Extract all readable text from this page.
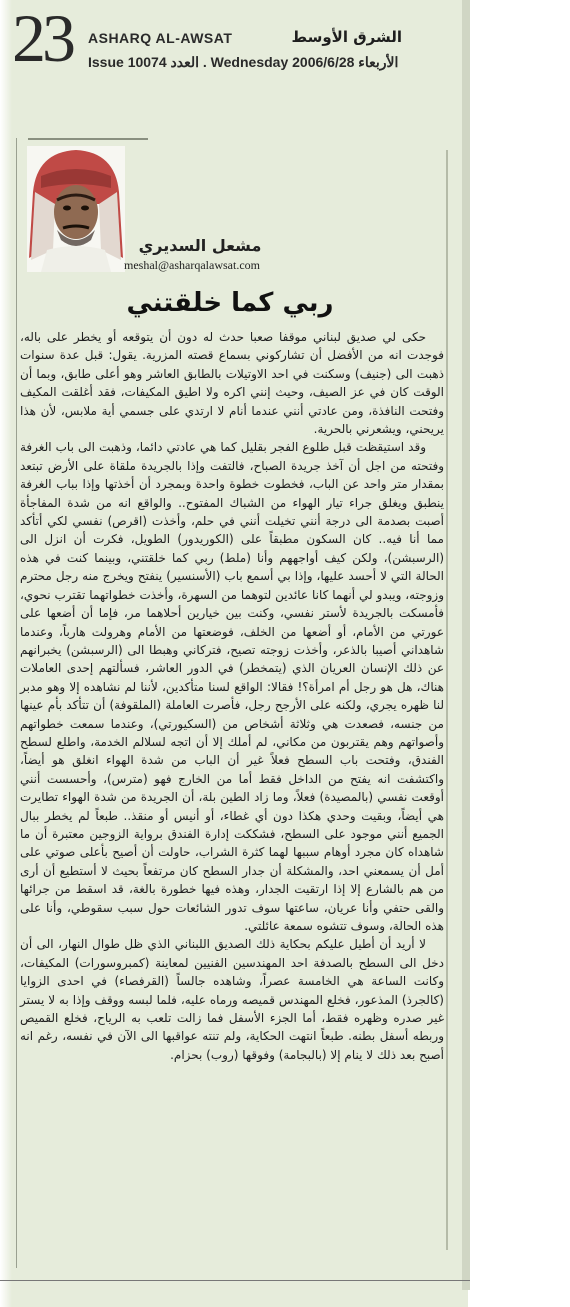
23	ASHARQ AL-AWSAT	الشرق الأوسط
Issue 10074 العدد . Wednesday 2006/6/28 الأربعاء
مشعل السديري
meshal@asharqalawsat.com
ربي كما خلقتني

حكى لي صديق لبناني موقفا صعبا حدث له دون أن يتوقعه أو يخطر على باله، فوجدت انه من الأفضل أن تشاركوني بسماع قصته المزرية. يقول: قبل عدة سنوات ذهبت الى (جنيف) وسكنت في احد الاوتيلات بالطابق العاشر وهو أعلى طابق، وبما أن الوقت كان في عز الصيف، وحيث إنني اكره ولا اطيق المكيفات، فقد أغلقت المكيف وفتحت النافذة، ومن عادتي أنني عندما أنام لا ارتدي على جسمي أية ملابس، لأن هذا يريحني، ويشعرني بالحرية.

وقد استيقظت قبل طلوع الفجر بقليل كما هي عادتي دائما، وذهبت الى باب الغرفة وفتحته من اجل أن آخذ جريدة الصباح، فالتفت وإذا بالجريدة ملقاة على الأرض تبتعد بمقدار متر واحد عن الباب، فخطوت خطوة واحدة وبمجرد أن أخذتها وإذا بباب الغرفة ينطبق ويغلق جراء تيار الهواء من الشباك المفتوح.. والواقع انه من شدة المفاجأة أصبت بصدمة الى درجة أنني تخيلت أنني في حلم، وأخذت (اقرص) نفسي لكي أتأكد مما أنا فيه.. كان السكون مطبقاً على (الكوريدور) الطويل، فكرت أن انزل الى (الرسبشن)، ولكن كيف أواجههم وأنا (ملط) ربي كما خلقتني، وبينما كنت في هذه الحالة التي لا أحسد عليها، وإذا بي أسمع باب (الأسنسير) ينفتح ويخرج منه رجل محترم وزوجته، ويبدو لي أنهما كانا عائدين لتوهما من السهرة، وأخذت خطواتهما تقترب نحوي، فأمسكت بالجريدة لأستر نفسي، وكنت بين خيارين أحلاهما مر، فإما أن أضعها على عورتي من الأمام، أو أضعها من الخلف، فوضعتها من الأمام وهرولت هارباً، وعندما شاهداني أصيبا بالذعر، وأخذت زوجته تصيح، فتركاني وهبطا الى (الرسبشن) يخبرانهم عن ذلك الإنسان العريان الذي (يتمخطر) في الدور العاشر، فسألتهم إحدى العاملات هناك، هل هو رجل أم امرأة؟! فقالا: الواقع لسنا متأكدين، لأننا لم نشاهده إلا وهو مدبر لنا ظهره يجري، ولكنه على الأرجح رجل، فأصرت العاملة (الملقوفة) أن تتأكد بأم عينها من جنسه، فصعدت هي وثلاثة أشخاص من (السكيورتي)، وعندما سمعت خطواتهم وأصواتهم وهم يقتربون من مكاني، لم أملك إلا أن اتجه لسلالم الخدمة، واطلع لسطح الفندق، وفتحت باب السطح فعلاً غير أن الباب من شدة الهواء انغلق هو أيضاً، واكتشفت انه يفتح من الداخل فقط أما من الخارج فهو (مترس)، وأحسست أنني أوقعت نفسي (بالمصيدة) فعلاً، وما زاد الطين بلة، أن الجريدة من شدة الهواء تطايرت هي أيضاً، وبقيت وحدي هكذا دون أي غطاء، أو أنيس أو منقذ.. طبعاً لم يخطر ببال الجميع أنني موجود على السطح، فشككت إدارة الفندق برواية الزوجين معتبرة أن ما شاهداه كان مجرد أوهام سببها لهما كثرة الشراب، حاولت أن أصيح بأعلى صوتي على أمل أن يسمعني احد، والمشكلة أن جدار السطح كان مرتفعاً بحيث لا أستطيع أن أرى من هم بالشارع إلا إذا ارتقيت الجدار، وهذه فيها خطورة بالغة، قد اسقط من جرائها والقى حتفي وأنا عريان، ساعتها سوف تدور الشائعات حول سبب سقوطي، وأنا على هذه الحالة، وسوف تتشوه سمعة عائلتي.

لا أريد أن أطيل عليكم بحكاية ذلك الصديق اللبناني الذي ظل طوال النهار، الى أن دخل الى السطح بالصدفة احد المهندسين الفنيين لمعاينة (كمبروسورات) المكيفات، وكانت الساعة هي الخامسة عصراً، وشاهده جالساً (القرفصاء) في احدى الزوايا (كالجرذ) المذعور، فخلع المهندس قميصه ورماه عليه، فلما لبسه ووقف وإذا به لا يستر غير صدره وظهره فقط، أما الجزء الأسفل فما زالت تلعب به الرياح، فخلع القميص وربطه أسفل بطنه. طبعاً انتهت الحكاية، ولم تنته عواقبها الى الآن في نفسه، رغم انه أصبح بعد ذلك لا ينام إلا (بالبجامة) وفوقها (روب) بحزام.
